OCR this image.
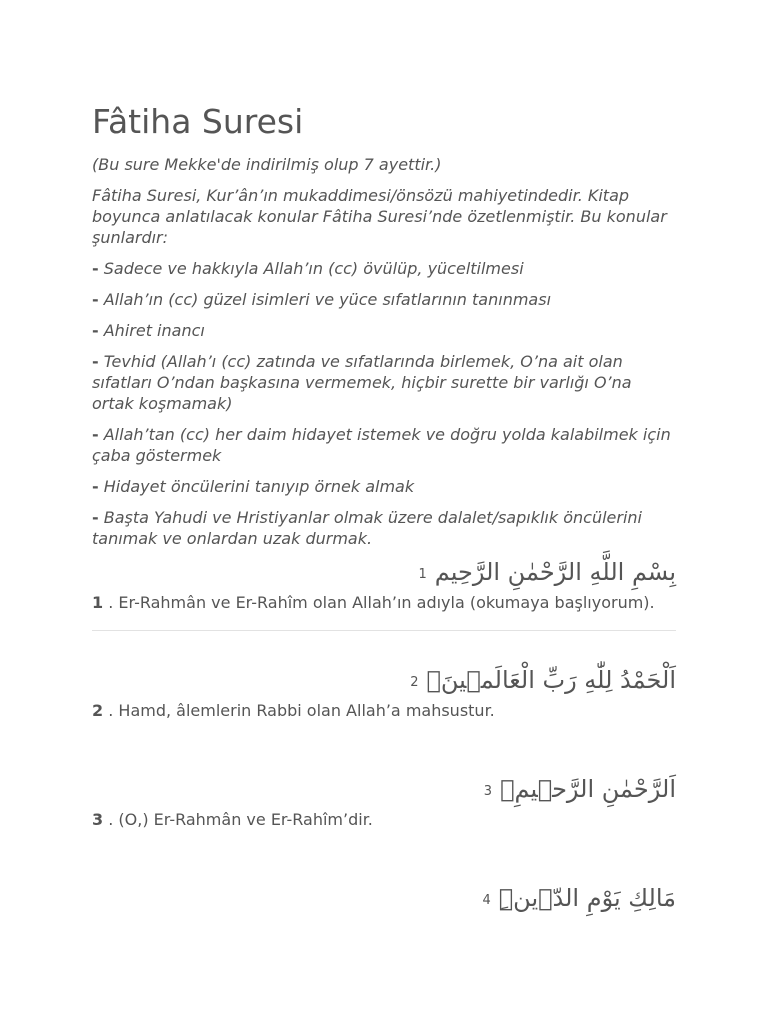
Fâtiha Suresi

(Bu sure Mekke'de indirilmiş olup 7 ayettir.)

Fâtiha Suresi, Kur’ân’ın mukaddimesi/önsözü mahiyetindedir. Kitap boyunca anlatılacak konular Fâtiha Suresi’nde özetlenmiştir. Bu konular şunlardır:

- Sadece ve hakkıyla Allah’ın (cc) övülüp, yüceltilmesi

- Allah’ın (cc) güzel isimleri ve yüce sıfatlarının tanınması

- Ahiret inancı

- Tevhid (Allah’ı (cc) zatında ve sıfatlarında birlemek, O’na ait olan sıfatları O’ndan başkasına vermemek, hiçbir surette bir varlığı O’na ortak koşmamak)

- Allah’tan (cc) her daim hidayet istemek ve doğru yolda kalabilmek için çaba göstermek

- Hidayet öncülerini tanıyıp örnek almak

- Başta Yahudi ve Hristiyanlar olmak üzere dalalet/sapıklık öncülerini tanımak ve onlardan uzak durmak.

بِسْمِ اللَّهِ الرَّحْمٰنِ الرَّحِيم1
1 . Er-Rahmân ve Er-Rahîm olan Allah’ın adıyla (okumaya başlıyorum).
اَلْحَمْدُ لِلّٰهِ رَبِّ الْعَالَمٖينَۙ2
2 . Hamd, âlemlerin Rabbi olan Allah’a mahsustur.
اَلرَّحْمٰنِ الرَّحٖيمِۙ3
3 . (O,) Er-Rahmân ve Er-Rahîm’dir.
مَالِكِ يَوْمِ الدّٖينِۜ4
